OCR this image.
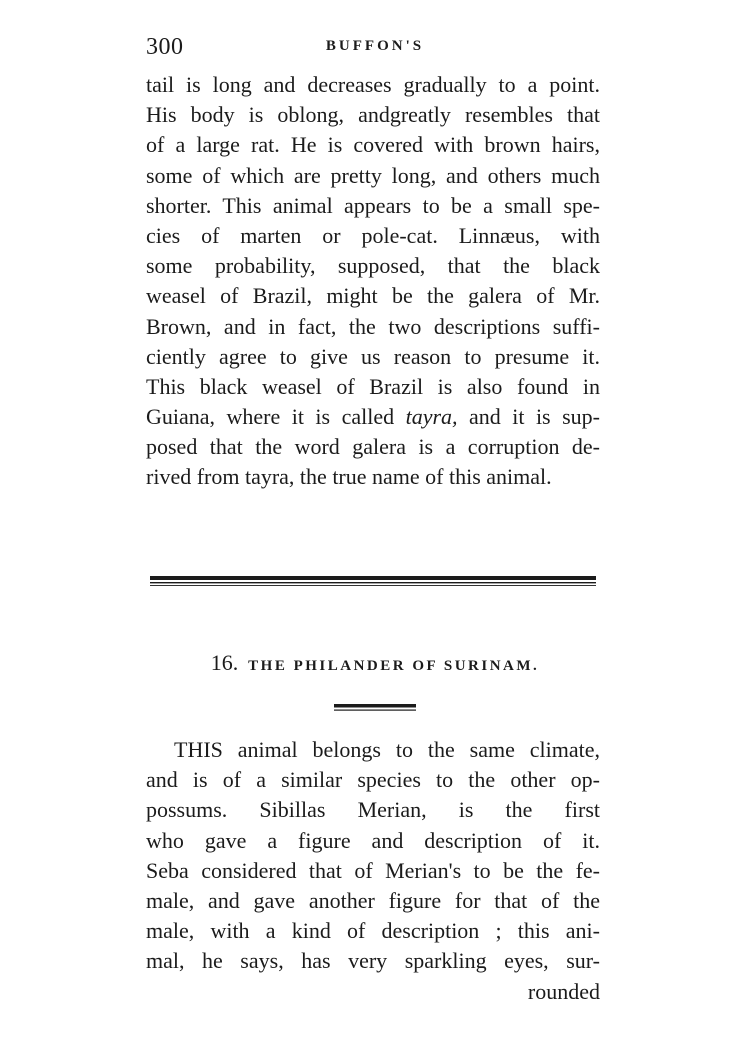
300	BUFFON'S
tail is long and decreases gradually to a point.
His body is oblong, andgreatly resembles that
of a large rat. He is covered with brown hairs,
some of which are pretty long, and others much
shorter. This animal appears to be a small spe-
cies of marten or pole-cat. Linnæus, with
some probability, supposed, that the black
weasel of Brazil, might be the galera of Mr.
Brown, and in fact, the two descriptions suffi-
ciently agree to give us reason to presume it.
This black weasel of Brazil is also found in
Guiana, where it is called tayra, and it is sup-
posed that the word galera is a corruption de-
rived from tayra, the true name of this animal.
16. THE PHILANDER OF SURINAM.
THIS animal belongs to the same climate,
and is of a similar species to the other op-
possums. Sibillas Merian, is the first
who gave a figure and description of it.
Seba considered that of Merian's to be the fe-
male, and gave another figure for that of the
male, with a kind of description ; this ani-
mal, he says, has very sparkling eyes, sur-
rounded
